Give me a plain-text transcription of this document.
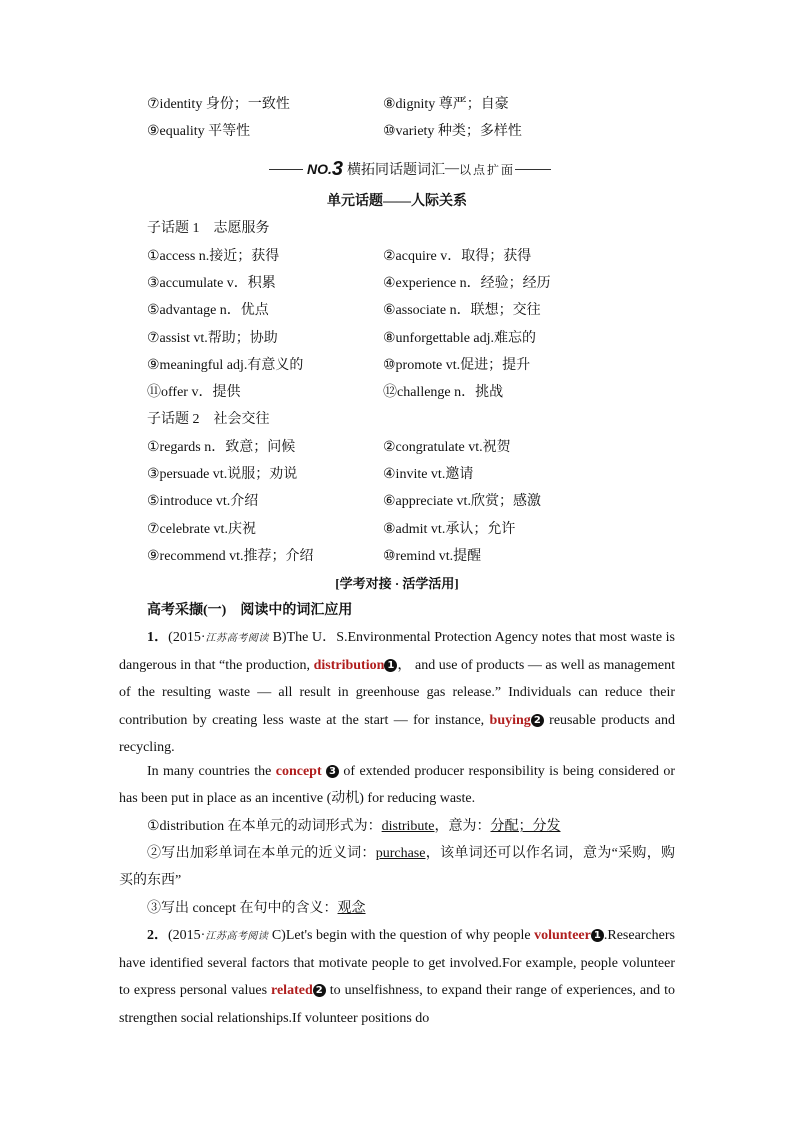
⑦identity 身份；一致性	⑧dignity 尊严；自豪
⑨equality 平等性	⑩variety 种类；多样性
NO. 3 横拓同话题词汇 — 以点扩面
单元话题——人际关系
子话题 1　志愿服务
①access n.接近；获得	②acquire v．取得；获得
③accumulate v．积累	④experience n．经验；经历
⑤advantage n．优点	⑥associate n．联想；交往
⑦assist vt.帮助；协助	⑧unforgettable adj.难忘的
⑨meaningful adj.有意义的	⑩promote vt.促进；提升
⑪offer v．提供	⑫challenge n．挑战
子话题 2　社会交往
①regards n．致意；问候	②congratulate vt.祝贺
③persuade vt.说服；劝说	④invite vt.邀请
⑤introduce vt.介绍	⑥appreciate vt.欣赏；感激
⑦celebrate vt.庆祝	⑧admit vt.承认；允许
⑨recommend vt.推荐；介绍	⑩remind vt.提醒
[学考对接 · 活学活用]
高考采撷(一)　阅读中的词汇应用
1．(2015·江苏高考阅读 B)The U．S.Environmental Protection Agency notes that most waste is dangerous in that “the production, distribution 1 ， and use of products — as well as management of the resulting waste — all result in greenhouse gas release.” Individuals can reduce their contribution by creating less waste at the start — for instance, buying 2 reusable products and recycling.
In many countries the concept 3 of extended producer responsibility is being considered or has been put in place as an incentive (动机) for reducing waste.
①distribution 在本单元的动词形式为：distribute，意为：分配；分发
②写出加彩单词在本单元的近义词：purchase，该单词还可以作名词，意为“采购，购买的东西”
③写出 concept 在句中的含义：观念
2．(2015·江苏高考阅读 C)Let's begin with the question of why people volunteer 1 .Researchers have identified several factors that motivate people to get involved.For example, people volunteer to express personal values related 2 to unselfishness, to expand their range of experiences, and to strengthen social relationships.If volunteer positions do
